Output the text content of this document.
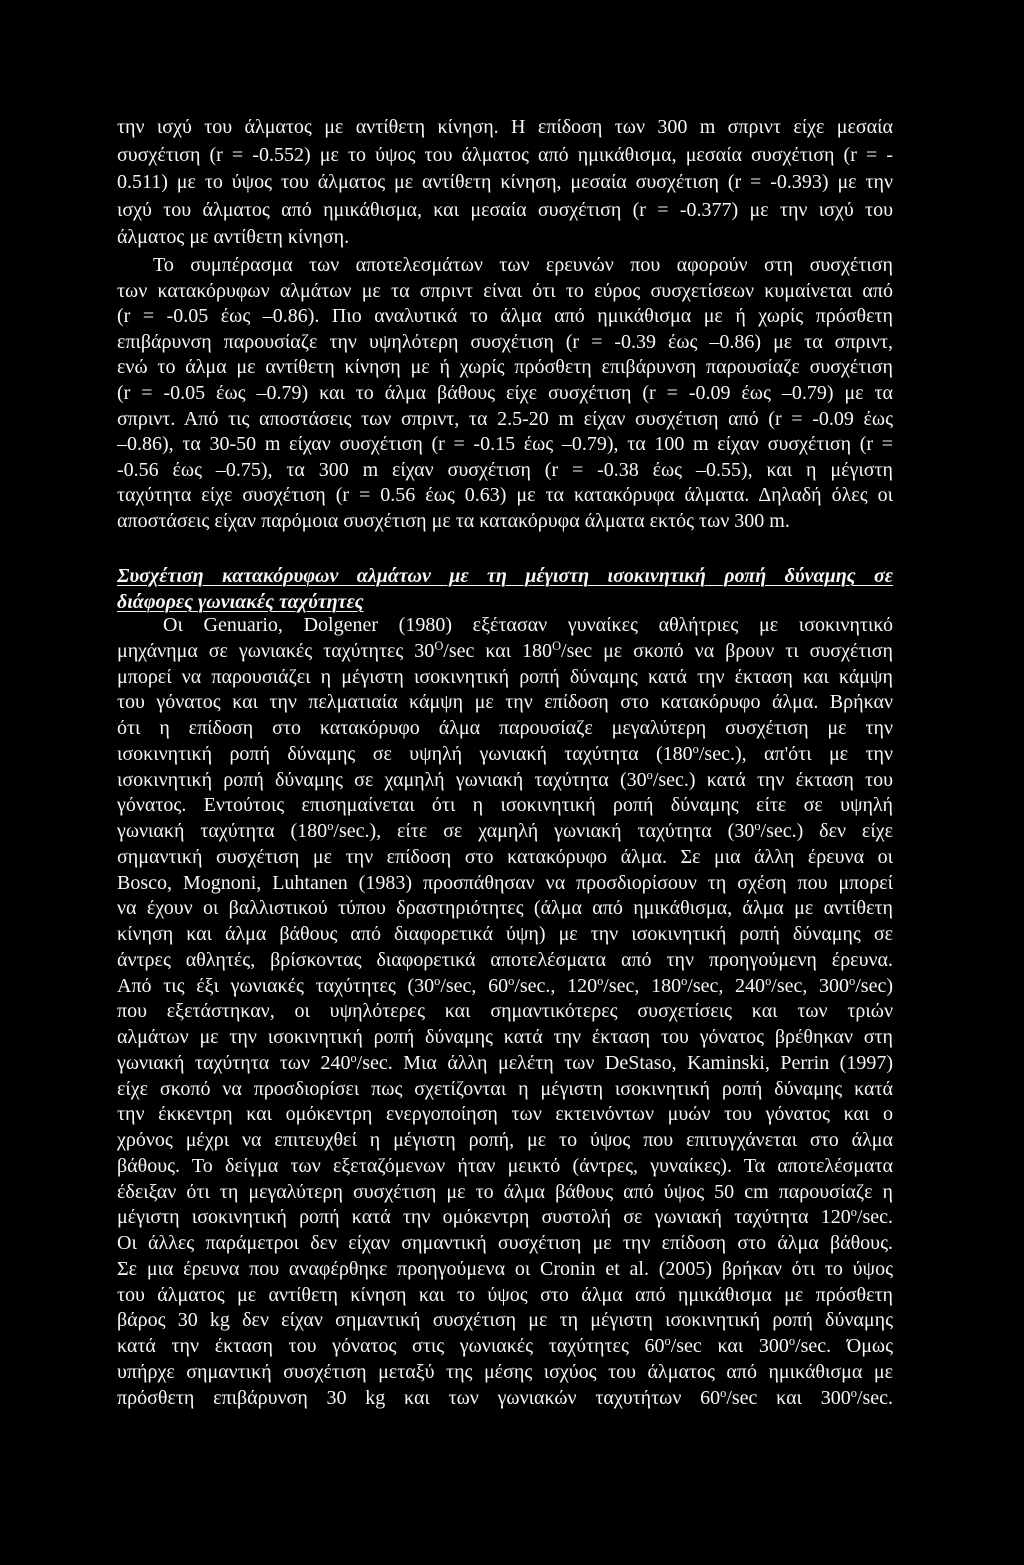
την ισχύ του άλματος με αντίθετη κίνηση. Η επίδοση των 300 m σπριντ είχε μεσαία
συσχέτιση (r = -0.552) με το ύψος του άλματος από ημικάθισμα, μεσαία συσχέτιση (r = -
0.511) με το ύψος του άλματος με αντίθετη κίνηση, μεσαία συσχέτιση (r = -0.393) με την
ισχύ του άλματος από ημικάθισμα, και μεσαία συσχέτιση (r = -0.377) με την ισχύ του
άλματος με αντίθετη κίνηση.
Το συμπέρασμα των αποτελεσμάτων των ερευνών που αφορούν στη συσχέτιση
των κατακόρυφων αλμάτων με τα σπριντ είναι ότι το εύρος συσχετίσεων κυμαίνεται από
(r = -0.05 έως –0.86). Πιο αναλυτικά το άλμα από ημικάθισμα με ή χωρίς πρόσθετη
επιβάρυνση παρουσίαζε την υψηλότερη συσχέτιση (r = -0.39 έως –0.86) με τα σπριντ,
ενώ το άλμα με αντίθετη κίνηση με ή χωρίς πρόσθετη επιβάρυνση παρουσίαζε συσχέτιση
(r = -0.05 έως –0.79) και το άλμα βάθους είχε συσχέτιση (r = -0.09 έως –0.79) με τα
σπριντ. Από τις αποστάσεις των σπριντ, τα 2.5-20 m είχαν συσχέτιση από (r = -0.09 έως
–0.86), τα 30-50 m είχαν συσχέτιση (r = -0.15 έως –0.79), τα 100 m είχαν συσχέτιση (r =
-0.56 έως –0.75), τα 300 m είχαν συσχέτιση (r = -0.38 έως –0.55), και η μέγιστη
ταχύτητα είχε συσχέτιση (r = 0.56 έως 0.63) με τα κατακόρυφα άλματα. Δηλαδή όλες οι
αποστάσεις είχαν παρόμοια συσχέτιση με τα κατακόρυφα άλματα εκτός των 300 m.
Συσχέτιση κατακόρυφων αλμάτων με τη μέγιστη ισοκινητική ροπή δύναμης σε
διάφορες γωνιακές ταχύτητες
Οι Genuario, Dolgener (1980) εξέτασαν γυναίκες αθλήτριες με ισοκινητικό
μηχάνημα σε γωνιακές ταχύτητες $30^O/\sec$ και $180^O/\sec$ με σκοπό να βρουν τι συσχέτιση
μπορεί να παρουσιάζει η μέγιστη ισοκινητική ροπή δύναμης κατά την έκταση και κάμψη
του γόνατος και την πελματιαία κάμψη με την επίδοση στο κατακόρυφο άλμα. Βρήκαν
ότι η επίδοση στο κατακόρυφο άλμα παρουσίαζε μεγαλύτερη συσχέτιση με την
ισοκινητική ροπή δύναμης σε υψηλή γωνιακή ταχύτητα (180$^o$/sec.), απ'ότι με την
ισοκινητική ροπή δύναμης σε χαμηλή γωνιακή ταχύτητα (30$^o$/sec.) κατά την έκταση του
γόνατος. Εντούτοις επισημαίνεται ότι η ισοκινητική ροπή δύναμης είτε σε υψηλή
γωνιακή ταχύτητα (180$^o$/sec.), είτε σε χαμηλή γωνιακή ταχύτητα (30$^o$/sec.) δεν είχε
σημαντική συσχέτιση με την επίδοση στο κατακόρυφο άλμα. Σε μια άλλη έρευνα οι
Bosco, Mognoni, Luhtanen (1983) προσπάθησαν να προσδιορίσουν τη σχέση που μπορεί
να έχουν οι βαλλιστικού τύπου δραστηριότητες (άλμα από ημικάθισμα, άλμα με αντίθετη
κίνηση και άλμα βάθους από διαφορετικά ύψη) με την ισοκινητική ροπή δύναμης σε
άντρες αθλητές, βρίσκοντας διαφορετικά αποτελέσματα από την προηγούμενη έρευνα.
Από τις έξι γωνιακές ταχύτητες (30$^o$/sec, 60$^o$/sec., 120$^o$/sec, 180$^o$/sec, 240$^o$/sec, 300$^o$/sec)
που εξετάστηκαν, οι υψηλότερες και σημαντικότερες συσχετίσεις και των τριών
αλμάτων με την ισοκινητική ροπή δύναμης κατά την έκταση του γόνατος βρέθηκαν στη
γωνιακή ταχύτητα των 240$^o$/sec. Μια άλλη μελέτη των DeStaso, Kaminski, Perrin (1997)
είχε σκοπό να προσδιορίσει πως σχετίζονται η μέγιστη ισοκινητική ροπή δύναμης κατά
την έκκεντρη και ομόκεντρη ενεργοποίηση των εκτεινόντων μυών του γόνατος και ο
χρόνος μέχρι να επιτευχθεί η μέγιστη ροπή, με το ύψος που επιτυγχάνεται στο άλμα
βάθους. Το δείγμα των εξεταζόμενων ήταν μεικτό (άντρες, γυναίκες). Τα αποτελέσματα
έδειξαν ότι τη μεγαλύτερη συσχέτιση με το άλμα βάθους από ύψος 50 cm παρουσίαζε η
μέγιστη ισοκινητική ροπή κατά την ομόκεντρη συστολή σε γωνιακή ταχύτητα 120$^o$/sec.
Οι άλλες παράμετροι δεν είχαν σημαντική συσχέτιση με την επίδοση στο άλμα βάθους.
Σε μια έρευνα που αναφέρθηκε προηγούμενα οι Cronin et al. (2005) βρήκαν ότι το ύψος
του άλματος με αντίθετη κίνηση και το ύψος στο άλμα από ημικάθισμα με πρόσθετη
βάρος 30 kg δεν είχαν σημαντική συσχέτιση με τη μέγιστη ισοκινητική ροπή δύναμης
κατά την έκταση του γόνατος στις γωνιακές ταχύτητες 60$^o$/sec και 300$^o$/sec. Όμως
υπήρχε σημαντική συσχέτιση μεταξύ της μέσης ισχύος του άλματος από ημικάθισμα με
πρόσθετη επιβάρυνση 30 kg και των γωνιακών ταχυτήτων 60$^o$/sec και 300$^o$/sec.
